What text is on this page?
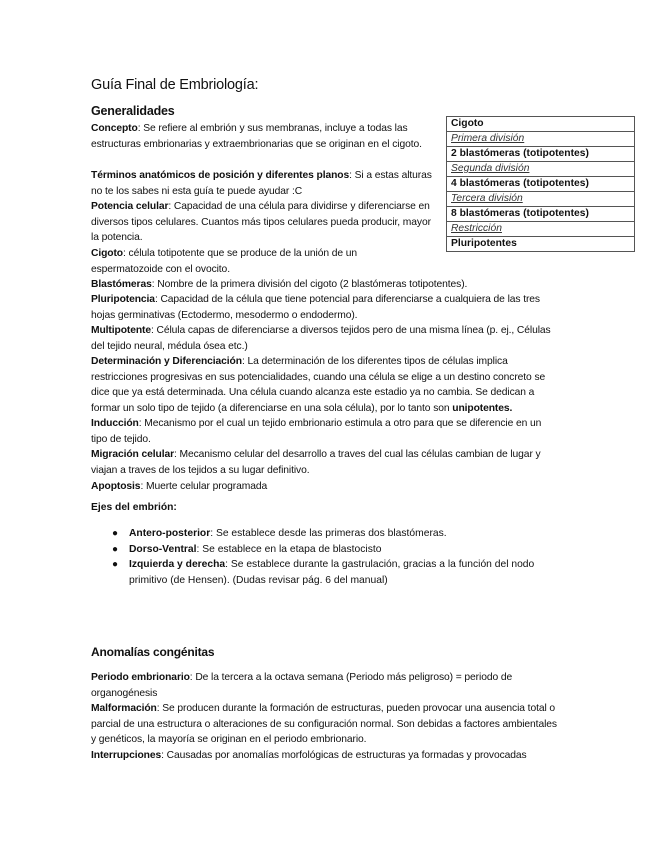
Guía Final de Embriología:
Generalidades

Concepto: Se refiere al embrión y sus membranas, incluye a todas las estructuras embrionarias y extraembrionarias que se originan en el cigoto.

Términos anatómicos de posición y diferentes planos: Si a estas alturas no te los sabes ni esta guía te puede ayudar :C

Potencia celular: Capacidad de una célula para dividirse y diferenciarse en diversos tipos celulares. Cuantos más tipos celulares pueda producir, mayor la potencia.

Cigoto: célula totipotente que se produce de la unión de un espermatozoide con el ovocito.

Blastómeras: Nombre de la primera división del cigoto (2 blastómeras totipotentes).

Pluripotencia: Capacidad de la célula que tiene potencial para diferenciarse a cualquiera de las tres hojas germinativas (Ectodermo, mesodermo o endodermo).

Multipotente: Célula capas de diferenciarse a diversos tejidos pero de una misma línea (p. ej., Células del tejido neural, médula ósea etc.)

Determinación y Diferenciación: La determinación de los diferentes tipos de células implica restricciones progresivas en sus potencialidades, cuando una célula se elige a un destino concreto se dice que ya está determinada. Una célula cuando alcanza este estadio ya no cambia. Se dedican a formar un solo tipo de tejido (a diferenciarse en una sola célula), por lo tanto son unipotentes.

Inducción: Mecanismo por el cual un tejido embrionario estimula a otro para que se diferencie en un tipo de tejido.

Migración celular: Mecanismo celular del desarrollo a traves del cual las células cambian de lugar y viajan a traves de los tejidos a su lugar definitivo.

Apoptosis: Muerte celular programada

Ejes del embrión:
● Antero-posterior: Se establece desde las primeras dos blastómeras.
● Dorso-Ventral: Se establece en la etapa de blastocisto
● Izquierda y derecha: Se establece durante la gastrulación, gracias a la función del nodo primitivo (de Hensen). (Dudas revisar pág. 6 del manual)
Cigoto
Primera división
2 blastómeras (totipotentes)
Segunda división
4 blastómeras (totipotentes)
Tercera división
8 blastómeras (totipotentes)
Restricción
Pluripotentes
Anomalías congénitas

Periodo embrionario: De la tercera a la octava semana (Periodo más peligroso) = periodo de organogénesis

Malformación: Se producen durante la formación de estructuras, pueden provocar una ausencia total o parcial de una estructura o alteraciones de su configuración normal. Son debidas a factores ambientales y genéticos, la mayoría se originan en el periodo embrionario.

Interrupciones: Causadas por anomalías morfológicas de estructuras ya formadas y provocadas
